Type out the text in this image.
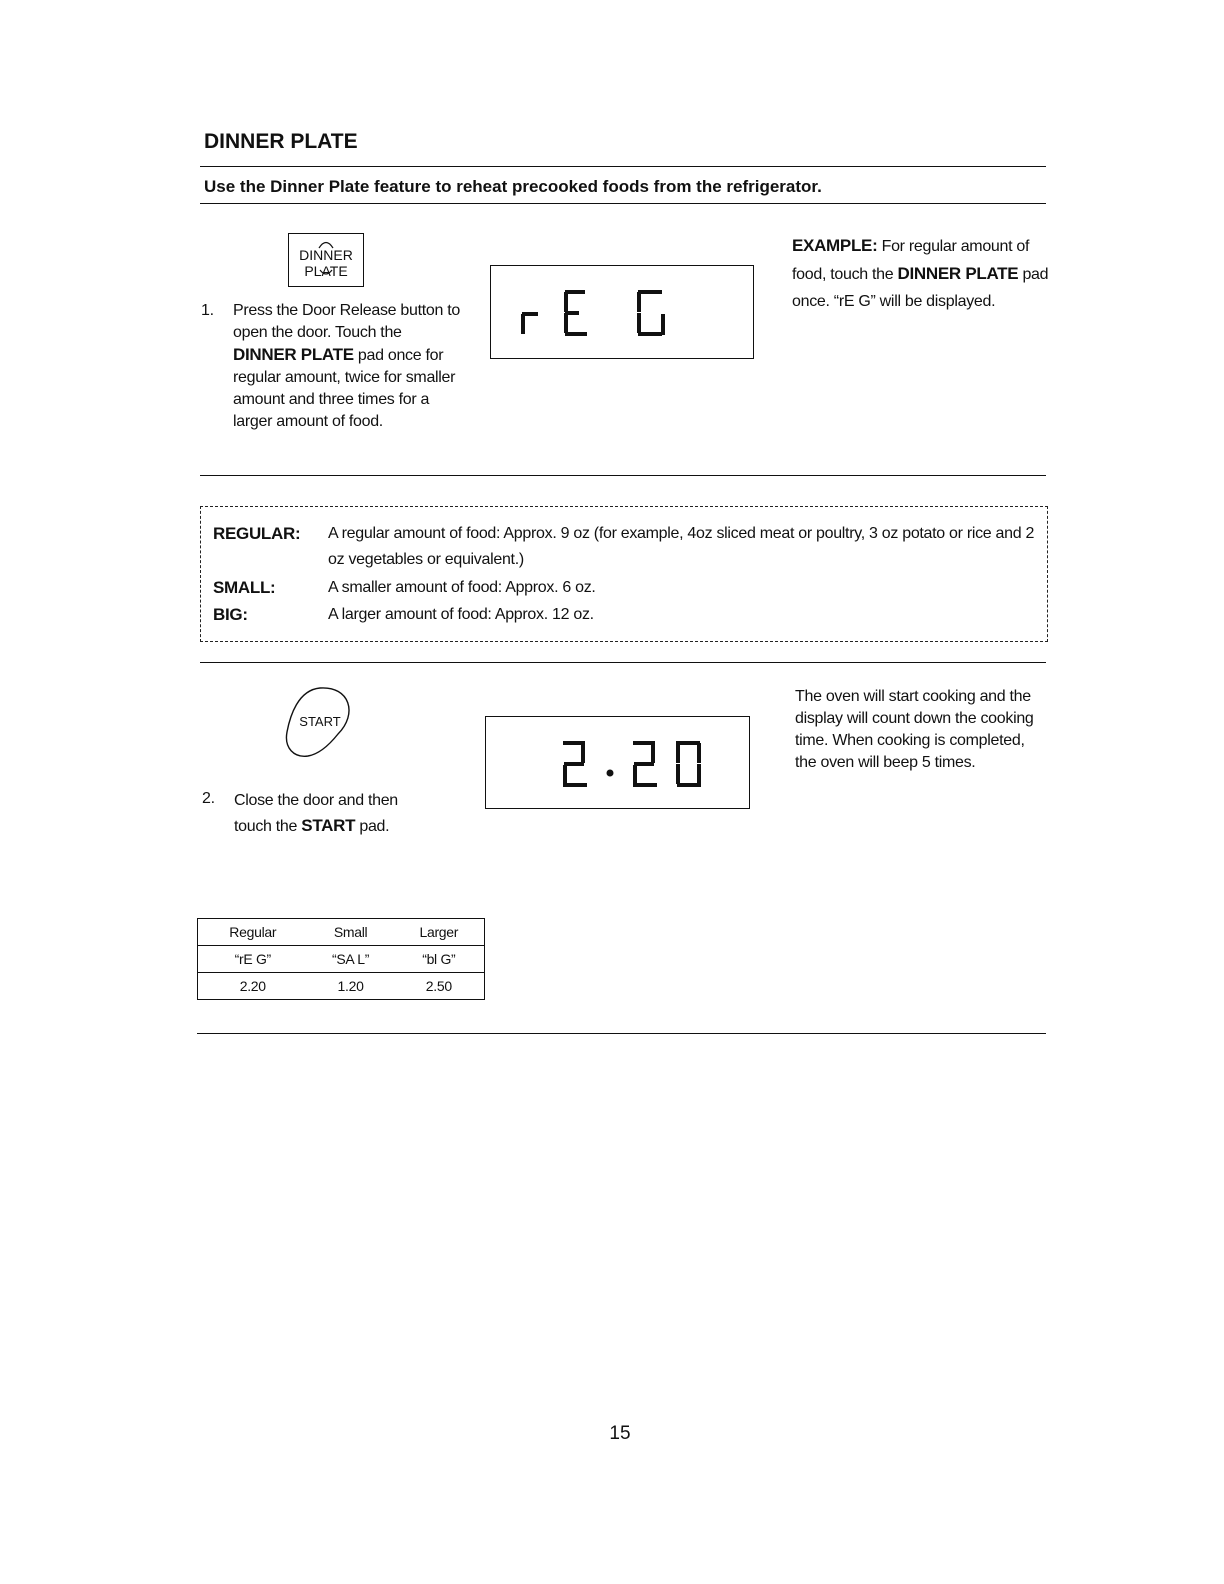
DINNER PLATE
Use the Dinner Plate feature to reheat precooked foods from the refrigerator.
DINNER
PLATE
1. Press the Door Release button to open the door. Touch the DINNER PLATE pad once for regular amount, twice for smaller amount and three times for a larger amount of food.
EXAMPLE: For regular amount of food, touch the DINNER PLATE pad once. “rE G” will be displayed.
REGULAR: A regular amount of food: Approx. 9 oz (for example, 4oz sliced meat or poultry, 3 oz potato or rice and 2 oz vegetables or equivalent.)
SMALL:	A smaller amount of food: Approx. 6 oz.
BIG:	A larger amount of food: Approx. 12 oz.
START
2. Close the door and then touch the START pad.
The oven will start cooking and the display will count down the cooking time. When cooking is completed, the oven will beep 5 times.
Regular	Small	Larger
“rE G”	“SA L”	“bl G”
2.20	1.20	2.50
15
